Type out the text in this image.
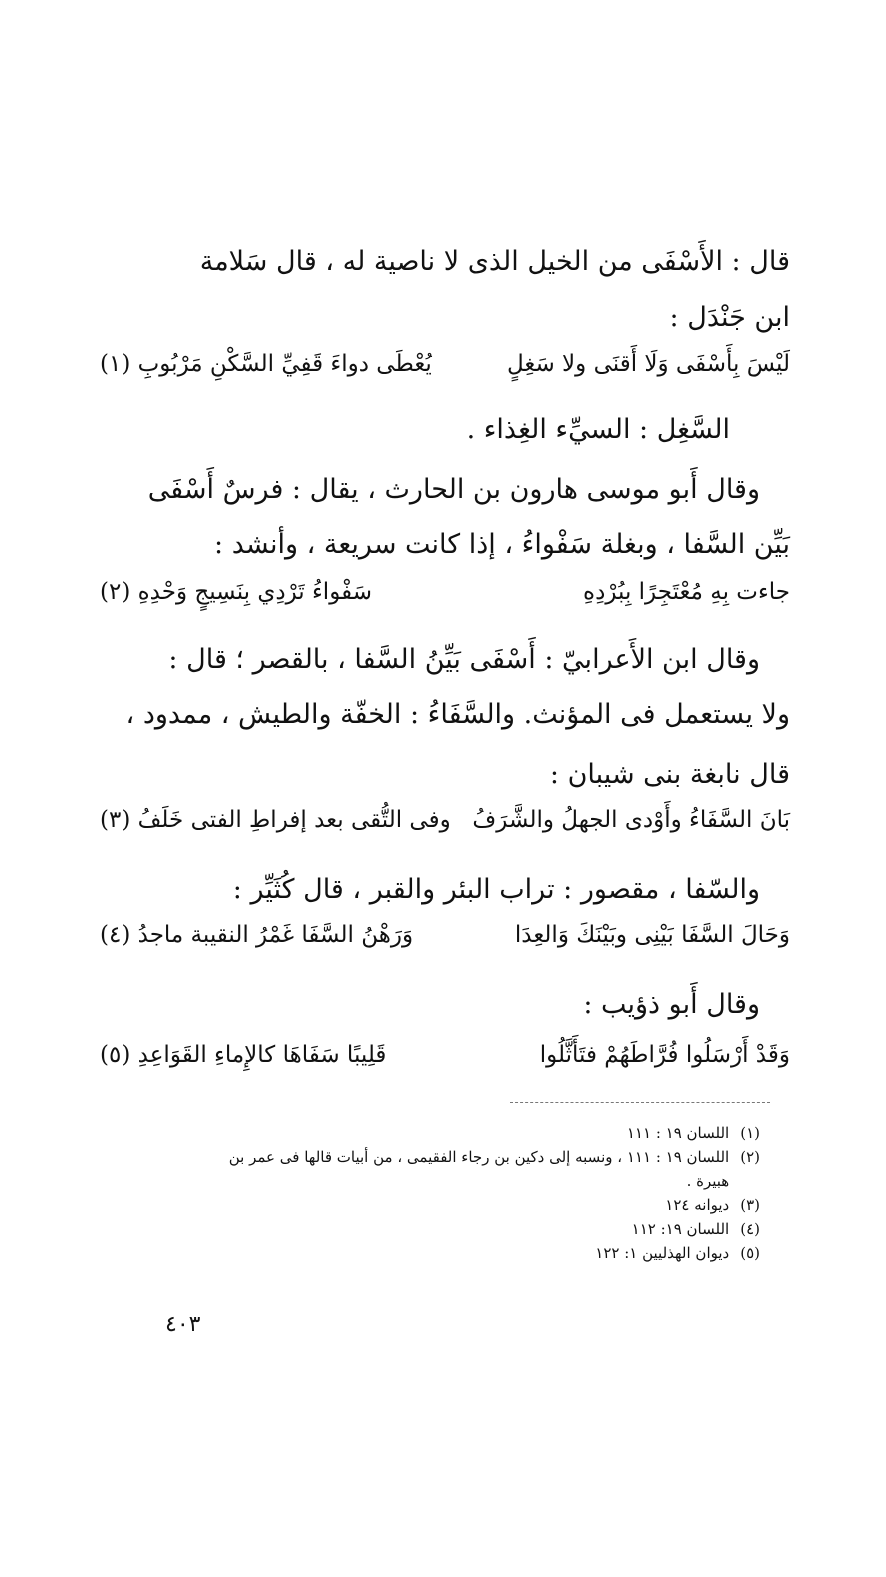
قال : الأَسْفَى من الخيل الذى لا ناصية له ، قال سَلامة
ابن جَنْدَل :
لَيْسَ بِأَسْفَى وَلَا أَقنَى ولا سَغِلٍ
يُعْطَى دواءَ قَفِيِّ السَّكْنِ مَرْبُوبِ (١)
السَّغِل : السيِّء الغِذاء .
وقال أَبو موسى هارون بن الحارث ، يقال : فرسٌ أَسْفَى
بَيِّن السَّفا ، وبغلة سَفْواءُ ، إذا كانت سريعة ، وأنشد :
جاءت بِهِ مُعْتَجِرًا بِبُرْدِهِ
سَفْواءُ تَرْدِي بِنَسِيجٍ وَحْدِهِ (٢)
وقال ابن الأَعرابيّ : أَسْفَى بَيِّنُ السَّفا ، بالقصر ؛ قال :
ولا يستعمل فى المؤنث. والسَّفَاءُ : الخفّة والطيش ، ممدود ،
قال نابغة بنى شيبان :
بَانَ السَّفَاءُ وأَوْدى الجهلُ والشَّرَفُ
وفى التُّقى بعد إفراطِ الفتى خَلَفُ (٣)
والسّفا ، مقصور : تراب البئر والقبر ، قال كُثَيِّر :
وَحَالَ السَّفَا بَيْنِى وبَيْنَكَ وَالعِدَا
وَرَهْنُ السَّفَا غَمْرُ النقيبة ماجدُ (٤)
وقال أَبو ذؤيب :
وَقَدْ أَرْسَلُوا فُرَّاطَهُمْ فتَأَثَّلُوا
قَلِيبًا سَفَاهَا كالإِماءِ القَوَاعِدِ (٥)
(١) اللسان ١٩ : ١١١
(٢) اللسان ١٩ : ١١١ ، ونسبه إلى دكين بن رجاء الفقيمى ، من أبيات قالها فى عمر بن
هبيرة .
(٣) ديوانه ١٢٤
(٤) اللسان ١٩: ١١٢
(٥) ديوان الهذليين ١: ١٢٢
٤٠٣
